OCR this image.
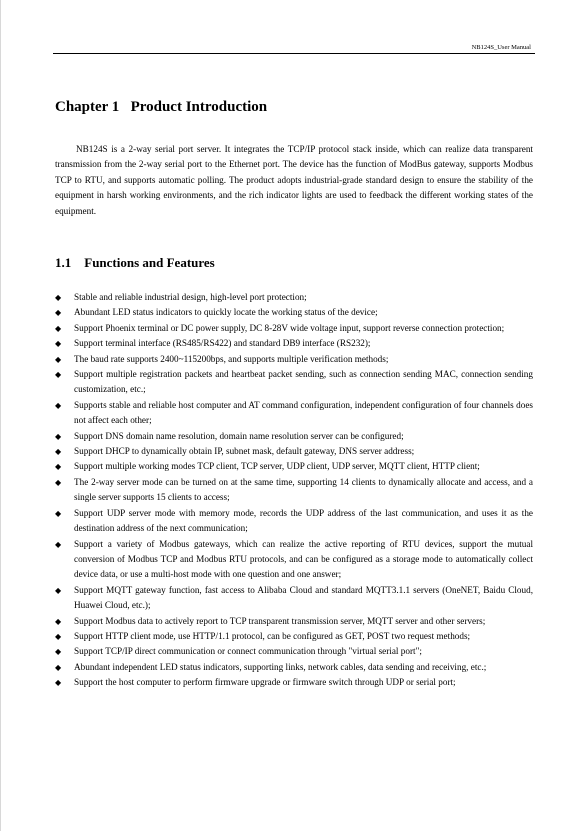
NB124S_User Manual
Chapter 1 Product Introduction

NB124S is a 2-way serial port server. It integrates the TCP/IP protocol stack inside, which can realize data transparent transmission from the 2-way serial port to the Ethernet port. The device has the function of ModBus gateway, supports Modbus TCP to RTU, and supports automatic polling. The product adopts industrial-grade standard design to ensure the stability of the equipment in harsh working environments, and the rich indicator lights are used to feedback the different working states of the equipment.

1.1 Functions and Features
◆ Stable and reliable industrial design, high-level port protection;
◆ Abundant LED status indicators to quickly locate the working status of the device;
◆ Support Phoenix terminal or DC power supply, DC 8-28V wide voltage input, support reverse connection protection;
◆ Support terminal interface (RS485/RS422) and standard DB9 interface (RS232);
◆ The baud rate supports 2400~115200bps, and supports multiple verification methods;
◆ Support multiple registration packets and heartbeat packet sending, such as connection sending MAC, connection sending customization, etc.;
◆ Supports stable and reliable host computer and AT command configuration, independent configuration of four channels does not affect each other;
◆ Support DNS domain name resolution, domain name resolution server can be configured;
◆ Support DHCP to dynamically obtain IP, subnet mask, default gateway, DNS server address;
◆ Support multiple working modes TCP client, TCP server, UDP client, UDP server, MQTT client, HTTP client;
◆ The 2-way server mode can be turned on at the same time, supporting 14 clients to dynamically allocate and access, and a single server supports 15 clients to access;
◆ Support UDP server mode with memory mode, records the UDP address of the last communication, and uses it as the destination address of the next communication;
◆ Support a variety of Modbus gateways, which can realize the active reporting of RTU devices, support the mutual conversion of Modbus TCP and Modbus RTU protocols, and can be configured as a storage mode to automatically collect device data, or use a multi-host mode with one question and one answer;
◆ Support MQTT gateway function, fast access to Alibaba Cloud and standard MQTT3.1.1 servers (OneNET, Baidu Cloud, Huawei Cloud, etc.);
◆ Support Modbus data to actively report to TCP transparent transmission server, MQTT server and other servers;
◆ Support HTTP client mode, use HTTP/1.1 protocol, can be configured as GET, POST two request methods;
◆ Support TCP/IP direct communication or connect communication through "virtual serial port";
◆ Abundant independent LED status indicators, supporting links, network cables, data sending and receiving, etc.;
◆ Support the host computer to perform firmware upgrade or firmware switch through UDP or serial port;
